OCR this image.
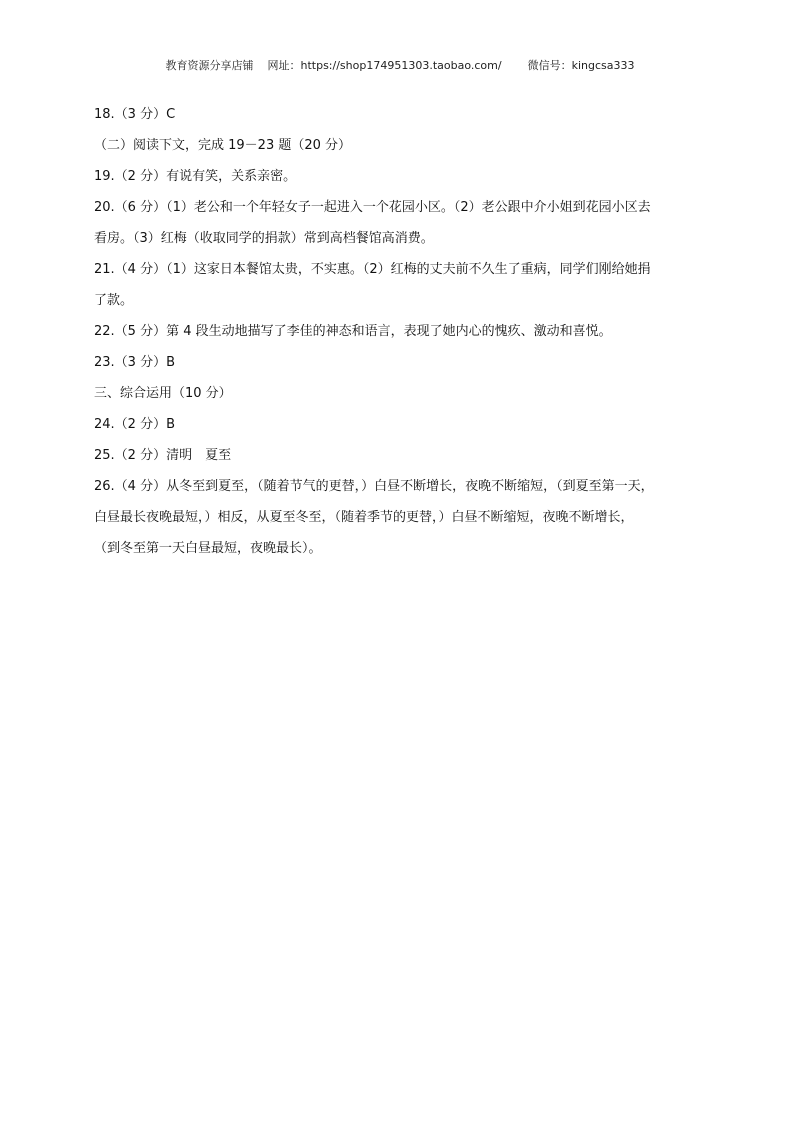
教育资源分享店铺 网址：https://shop174951303.taobao.com/ 微信号：kingcsa333
18.（3 分）C
（二）阅读下文，完成 19－23 题（20 分）
19.（2 分）有说有笑，关系亲密。
20.（6 分）（1）老公和一个年轻女子一起进入一个花园小区。（2）老公跟中介小姐到花园小区去
看房。（3）红梅（收取同学的捐款）常到高档餐馆高消费。
21.（4 分）（1）这家日本餐馆太贵，不实惠。（2）红梅的丈夫前不久生了重病，同学们刚给她捐
了款。
22.（5 分）第 4 段生动地描写了李佳的神态和语言，表现了她内心的愧疚、激动和喜悦。
23.（3 分）B
三、综合运用（10 分）
24.（2 分）B
25.（2 分）清明　夏至
26.（4 分）从冬至到夏至，（随着节气的更替，）白昼不断增长，夜晚不断缩短，（到夏至第一天，
白昼最长夜晚最短，）相反，从夏至冬至，（随着季节的更替，）白昼不断缩短，夜晚不断增长，
（到冬至第一天白昼最短，夜晚最长）。
